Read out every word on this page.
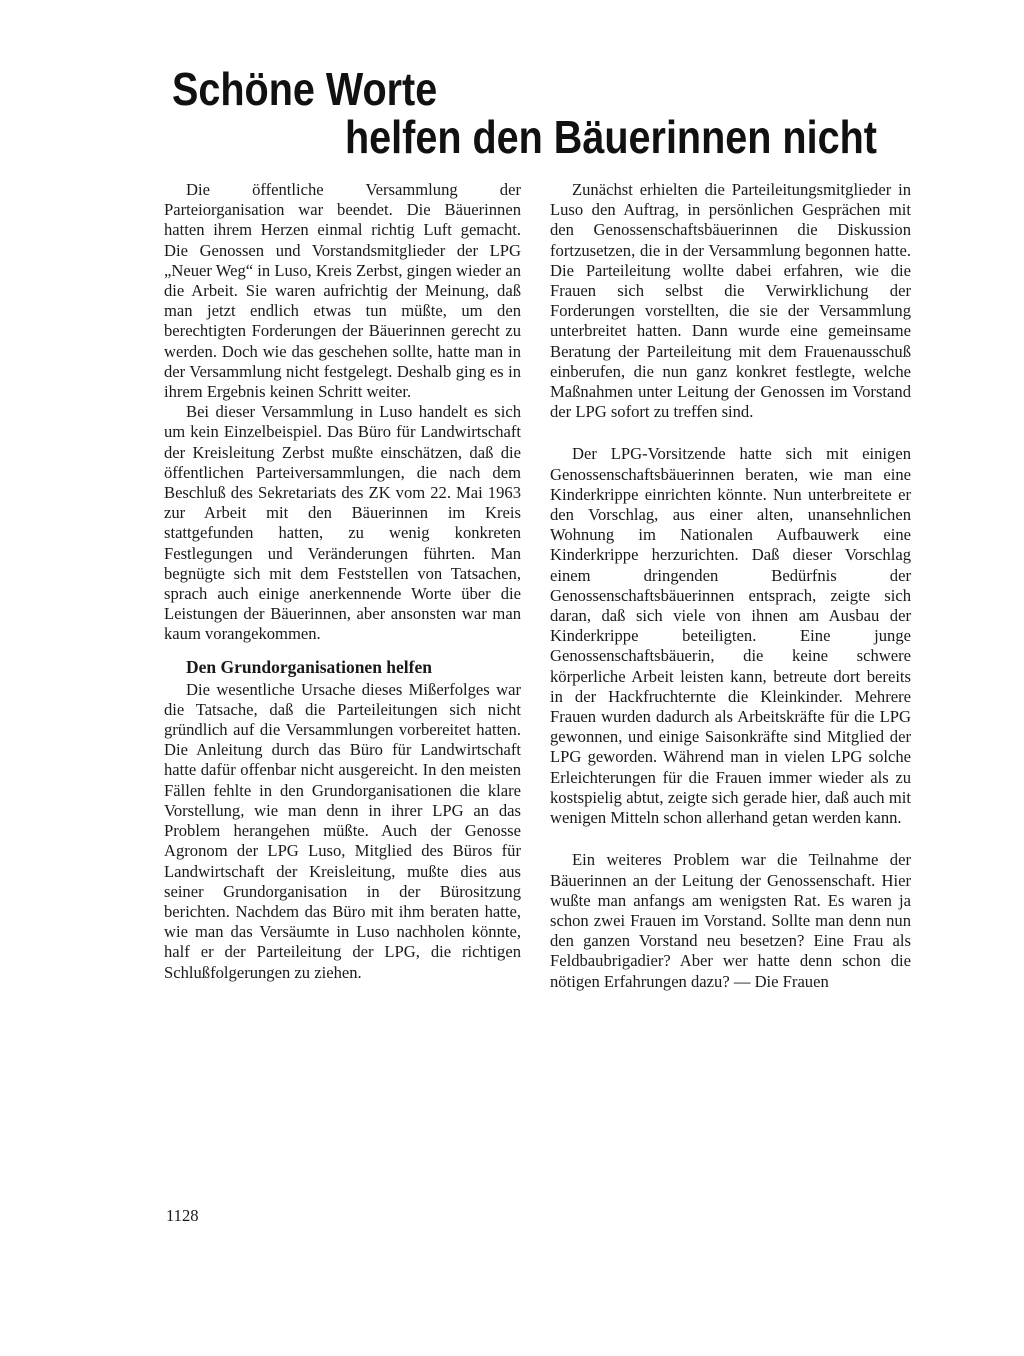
Schöne Worte
helfen den Bäuerinnen nicht

Die öffentliche Versammlung der Parteiorganisation war beendet. Die Bäuerinnen hatten ihrem Herzen einmal richtig Luft gemacht. Die Genossen und Vorstandsmitglieder der LPG „Neuer Weg“ in Luso, Kreis Zerbst, gingen wieder an die Arbeit. Sie waren aufrichtig der Meinung, daß man jetzt endlich etwas tun müßte, um den berechtigten Forderungen der Bäuerinnen gerecht zu werden. Doch wie das geschehen sollte, hatte man in der Versammlung nicht festgelegt. Deshalb ging es in ihrem Ergebnis keinen Schritt weiter.

Bei dieser Versammlung in Luso handelt es sich um kein Einzelbeispiel. Das Büro für Landwirtschaft der Kreisleitung Zerbst mußte einschätzen, daß die öffentlichen Parteiversammlungen, die nach dem Beschluß des Sekretariats des ZK vom 22. Mai 1963 zur Arbeit mit den Bäuerinnen im Kreis stattgefunden hatten, zu wenig konkreten Festlegungen und Veränderungen führten. Man begnügte sich mit dem Feststellen von Tatsachen, sprach auch einige anerkennende Worte über die Leistungen der Bäuerinnen, aber ansonsten war man kaum vorangekommen.

Den Grundorganisationen helfen

Die wesentliche Ursache dieses Mißerfolges war die Tatsache, daß die Parteileitungen sich nicht gründlich auf die Versammlungen vorbereitet hatten. Die Anleitung durch das Büro für Landwirtschaft hatte dafür offenbar nicht ausgereicht. In den meisten Fällen fehlte in den Grundorganisationen die klare Vorstellung, wie man denn in ihrer LPG an das Problem herangehen müßte. Auch der Genosse Agronom der LPG Luso, Mitglied des Büros für Landwirtschaft der Kreisleitung, mußte dies aus seiner Grundorganisation in der Bürositzung berichten. Nachdem das Büro mit ihm beraten hatte, wie man das Versäumte in Luso nachholen könnte, half er der Parteileitung der LPG, die richtigen Schlußfolgerungen zu ziehen.

Zunächst erhielten die Parteileitungsmitglieder in Luso den Auftrag, in persönlichen Gesprächen mit den Genossenschaftsbäuerinnen die Diskussion fortzusetzen, die in der Versammlung begonnen hatte. Die Parteileitung wollte dabei erfahren, wie die Frauen sich selbst die Verwirklichung der Forderungen vorstellten, die sie der Versammlung unterbreitet hatten. Dann wurde eine gemeinsame Beratung der Parteileitung mit dem Frauenausschuß einberufen, die nun ganz konkret festlegte, welche Maßnahmen unter Leitung der Genossen im Vorstand der LPG sofort zu treffen sind.

Der LPG-Vorsitzende hatte sich mit einigen Genossenschaftsbäuerinnen beraten, wie man eine Kinderkrippe einrichten könnte. Nun unterbreitete er den Vorschlag, aus einer alten, unansehnlichen Wohnung im Nationalen Aufbauwerk eine Kinderkrippe herzurichten. Daß dieser Vorschlag einem dringenden Bedürfnis der Genossenschaftsbäuerinnen entsprach, zeigte sich daran, daß sich viele von ihnen am Ausbau der Kinderkrippe beteiligten. Eine junge Genossenschaftsbäuerin, die keine schwere körperliche Arbeit leisten kann, betreute dort bereits in der Hackfruchternte die Kleinkinder. Mehrere Frauen wurden dadurch als Arbeitskräfte für die LPG gewonnen, und einige Saisonkräfte sind Mitglied der LPG geworden. Während man in vielen LPG solche Erleichterungen für die Frauen immer wieder als zu kostspielig abtut, zeigte sich gerade hier, daß auch mit wenigen Mitteln schon allerhand getan werden kann.

Ein weiteres Problem war die Teilnahme der Bäuerinnen an der Leitung der Genossenschaft. Hier wußte man anfangs am wenigsten Rat. Es waren ja schon zwei Frauen im Vorstand. Sollte man denn nun den ganzen Vorstand neu besetzen? Eine Frau als Feldbaubrigadier? Aber wer hatte denn schon die nötigen Erfahrungen dazu? — Die Frauen

1128
